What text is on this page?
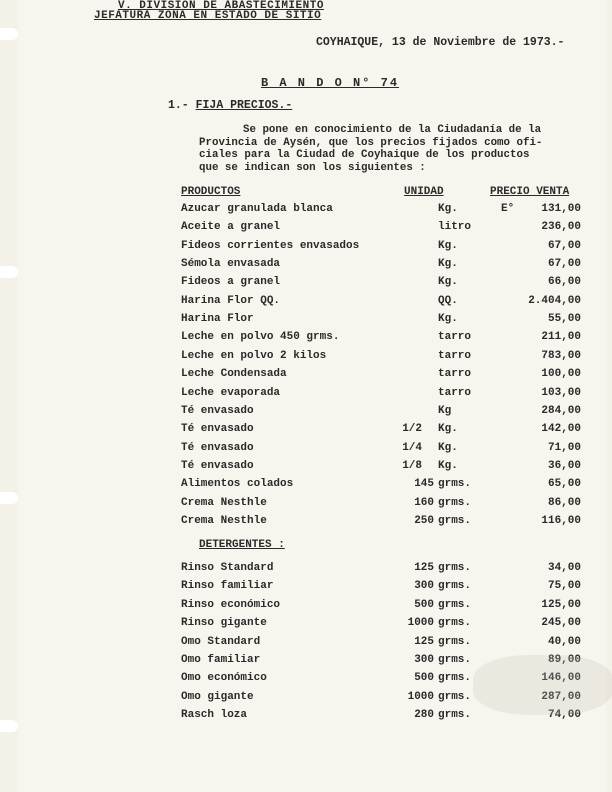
V. DIVISION DE ABASTECIMIENTO
JEFATURA ZONA EN ESTADO DE SITIO
COYHAIQUE, 13 de Noviembre de 1973.-
B A N D O N° 74
1.- FIJA PRECIOS.-

Se pone en conocimiento de la Ciudadanía de la

Provincia de Aysén, que los precios fijados como ofi-

ciales para la Ciudad de Coyhaique de los productos

que se indican son los siguientes :

PRODUCTOS	UNIDAD	PRECIO VENTA
Azucar granulada blanca	Kg.	E°	131,00
Aceite a granel	litro	236,00
Fideos corrientes envasados	Kg.	67,00
Sémola envasada	Kg.	67,00
Fideos a granel	Kg.	66,00
Harina Flor QQ.	QQ.	2.404,00
Harina Flor	Kg.	55,00
Leche en polvo 450 grms.	tarro	211,00
Leche en polvo 2 kilos	tarro	783,00
Leche Condensada	tarro	100,00
Leche evaporada	tarro	103,00
Té envasado	Kg	284,00
Té envasado	1/2 Kg.	142,00
Té envasado	1/4 Kg.	71,00
Té envasado	1/8 Kg.	36,00
Alimentos colados	145 grms.	65,00
Crema Nesthle	160 grms.	86,00
Crema Nesthle	250 grms.	116,00
DETERGENTES :
Rinso Standard	125 grms.	34,00
Rinso familiar	300 grms.	75,00
Rinso económico	500 grms.	125,00
Rinso gigante	1000 grms.	245,00
Omo Standard	125 grms.	40,00
Omo familiar	300 grms.	89,00
Omo económico	500 grms.	146,00
Omo gigante	1000 grms.	287,00
Rasch loza	280 grms.	74,00
